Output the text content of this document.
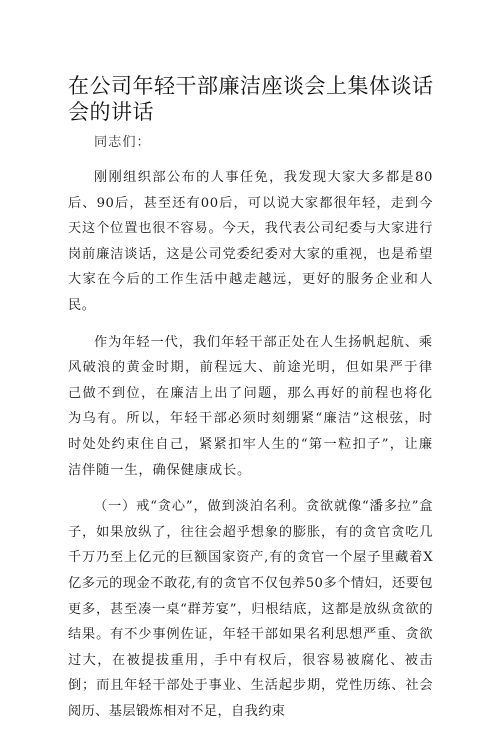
在公司年轻干部廉洁座谈会上集体谈话会的讲话

同志们：

刚刚组织部公布的人事任免，我发现大家大多都是80后、90后，甚至还有00后，可以说大家都很年轻，走到今天这个位置也很不容易。今天，我代表公司纪委与大家进行岗前廉洁谈话，这是公司党委纪委对大家的重视，也是希望大家在今后的工作生活中越走越远，更好的服务企业和人民。

作为年轻一代，我们年轻干部正处在人生扬帆起航、乘风破浪的黄金时期，前程远大、前途光明，但如果严于律己做不到位，在廉洁上出了问题，那么再好的前程也将化为乌有。所以，年轻干部必须时刻绷紧“廉洁”这根弦，时时处处约束住自己，紧紧扣牢人生的“第一粒扣子”，让廉洁伴随一生，确保健康成长。

（一）戒“贪心”，做到淡泊名利。贪欲就像“潘多拉”盒子，如果放纵了，往往会超乎想象的膨胀，有的贪官贪吃几千万乃至上亿元的巨额国家资产,有的贪官一个屋子里藏着X亿多元的现金不敢花,有的贪官不仅包养50多个情妇，还要包更多，甚至凑一桌“群芳宴”，归根结底，这都是放纵贪欲的结果。有不少事例佐证，年轻干部如果名利思想严重、贪欲过大，在被提拔重用，手中有权后，很容易被腐化、被击倒；而且年轻干部处于事业、生活起步期，党性历练、社会阅历、基层锻炼相对不足，自我约束
